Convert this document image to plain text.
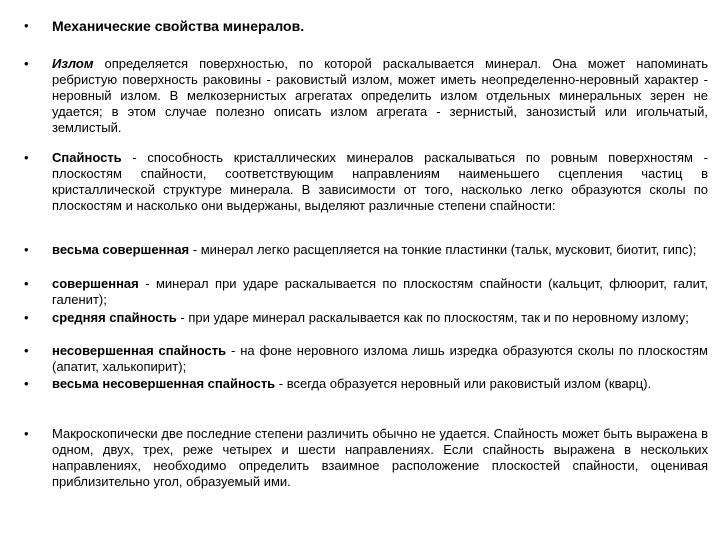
• Механические свойства минералов.
• Излом определяется поверхностью, по которой раскалывается минерал. Она может напоминать ребристую поверхность раковины - раковистый излом, может иметь неопределенно-неровный характер - неровный излом. В мелкозернистых агрегатах определить излом отдельных минеральных зерен не удается; в этом случае полезно описать излом агрегата - зернистый, занозистый или игольчатый, землистый.
• Спайность - способность кристаллических минералов раскалываться по ровным поверхностям - плоскостям спайности, соответствующим направлениям наименьшего сцепления частиц в кристаллической структуре минерала. В зависимости от того, насколько легко образуются сколы по плоскостям и насколько они выдержаны, выделяют различные степени спайности:
• весьма совершенная - минерал легко расщепляется на тонкие пластинки (тальк, мусковит, биотит, гипс);
• совершенная - минерал при ударе раскалывается по плоскостям спайности (кальцит, флюорит, галит, галенит);
• средняя спайность - при ударе минерал раскалывается как по плоскостям, так и по неровному излому;
• несовершенная спайность - на фоне неровного излома лишь изредка образуются сколы по плоскостям (апатит, халькопирит);
• весьма несовершенная спайность - всегда образуется неровный или раковистый излом (кварц).
• Макроскопически две последние степени различить обычно не удается. Спайность может быть выражена в одном, двух, трех, реже четырех и шести направлениях. Если спайность выражена в нескольких направлениях, необходимо определить взаимное расположение плоскостей спайности, оценивая приблизительно угол, образуемый ими.
